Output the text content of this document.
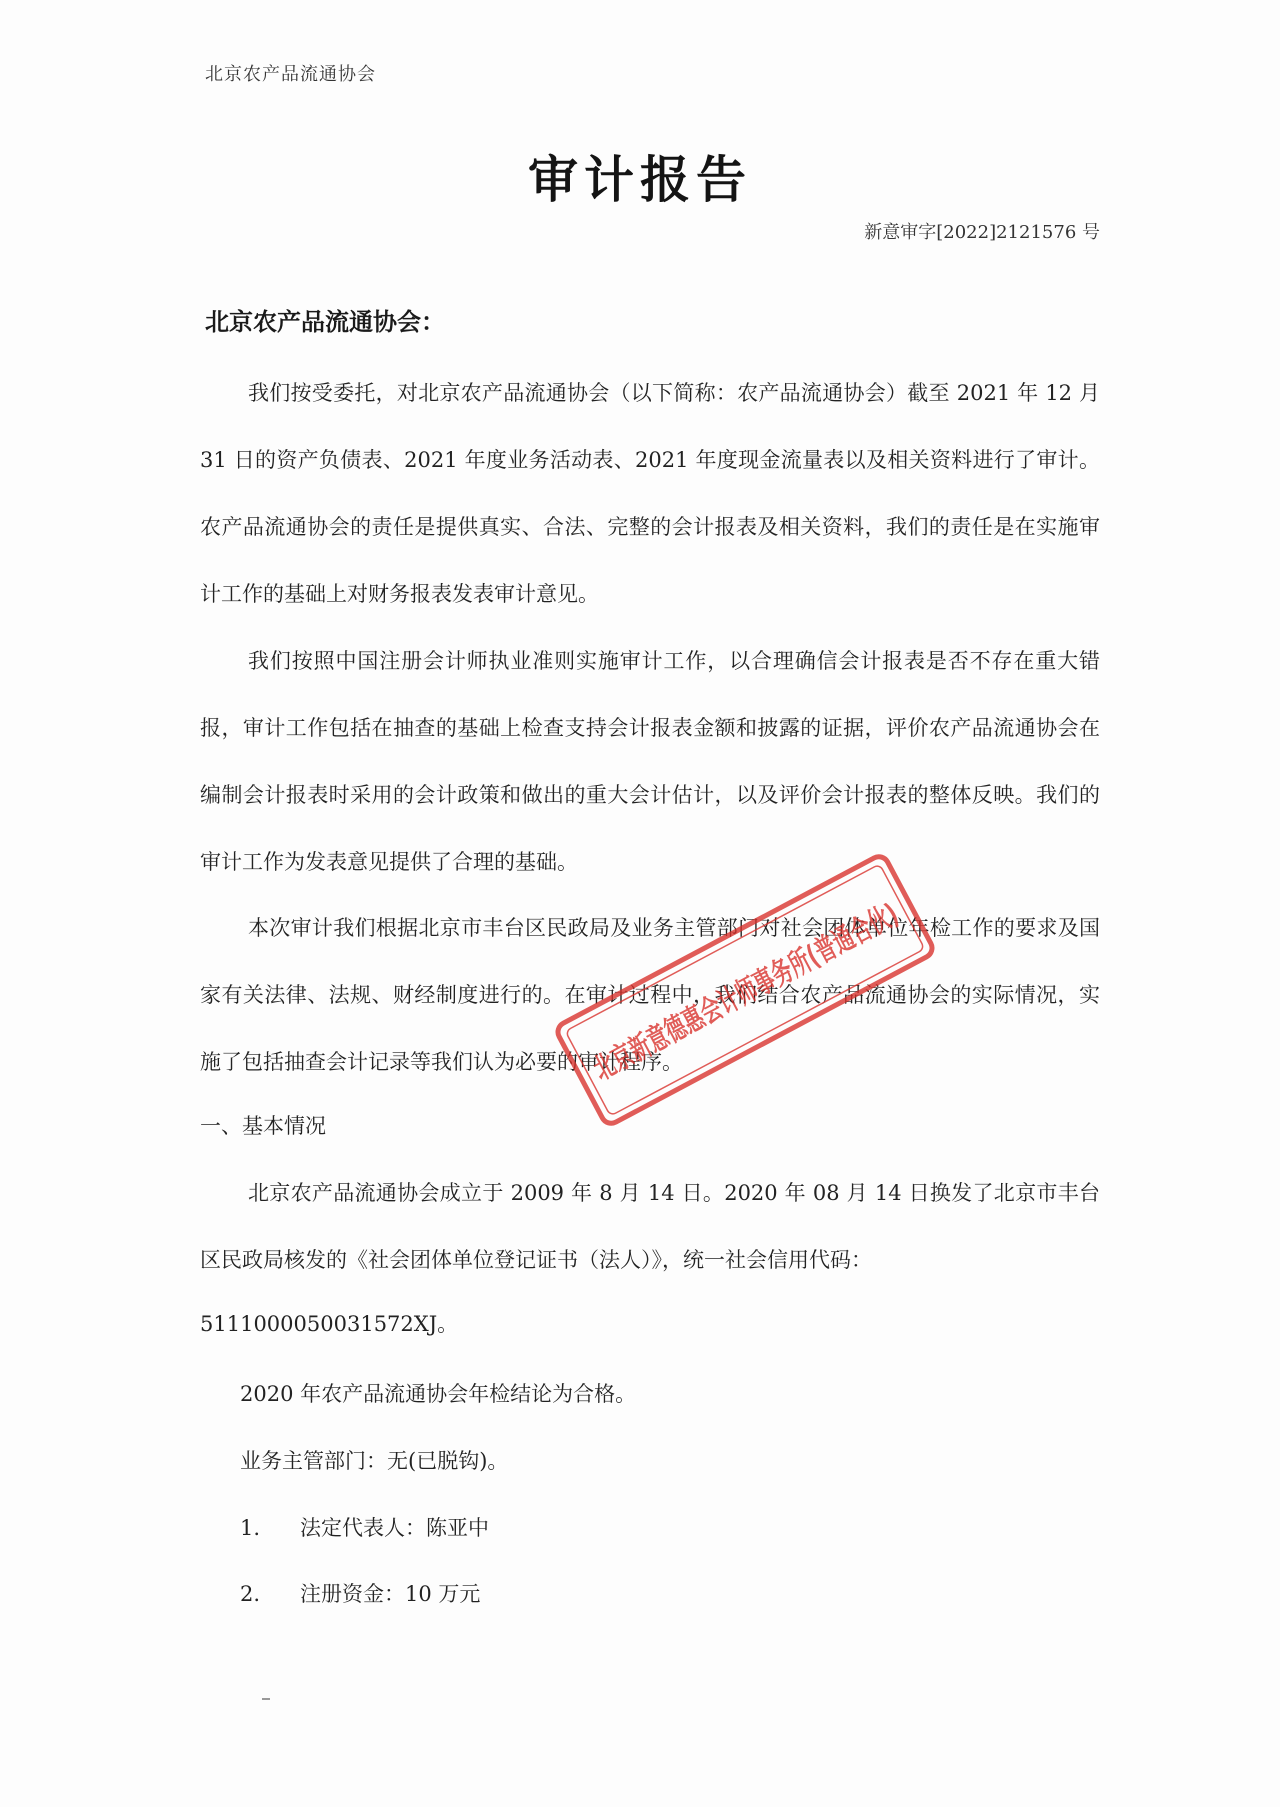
北京农产品流通协会
审计报告
新意审字[2022]2121576 号
北京农产品流通协会：
我们按受委托，对北京农产品流通协会（以下简称：农产品流通协会）截至 2021 年 12 月 31 日的资产负债表、2021 年度业务活动表、2021 年度现金流量表以及相关资料进行了审计。农产品流通协会的责任是提供真实、合法、完整的会计报表及相关资料，我们的责任是在实施审计工作的基础上对财务报表发表审计意见。
我们按照中国注册会计师执业准则实施审计工作，以合理确信会计报表是否不存在重大错报，审计工作包括在抽查的基础上检查支持会计报表金额和披露的证据，评价农产品流通协会在编制会计报表时采用的会计政策和做出的重大会计估计，以及评价会计报表的整体反映。我们的审计工作为发表意见提供了合理的基础。
本次审计我们根据北京市丰台区民政局及业务主管部门对社会团体单位年检工作的要求及国家有关法律、法规、财经制度进行的。在审计过程中，我们结合农产品流通协会的实际情况，实施了包括抽查会计记录等我们认为必要的审计程序。
一、基本情况
北京农产品流通协会成立于 2009 年 8 月 14 日。2020 年 08 月 14 日换发了北京市丰台区民政局核发的《社会团体单位登记证书（法人）》，统一社会信用代码：
5111000050031572XJ。
2020 年农产品流通协会年检结论为合格。
业务主管部门：无(已脱钩)。
1. 法定代表人：陈亚中
2. 注册资金：10 万元
北京新意德惠会计师事务所(普通合伙)
